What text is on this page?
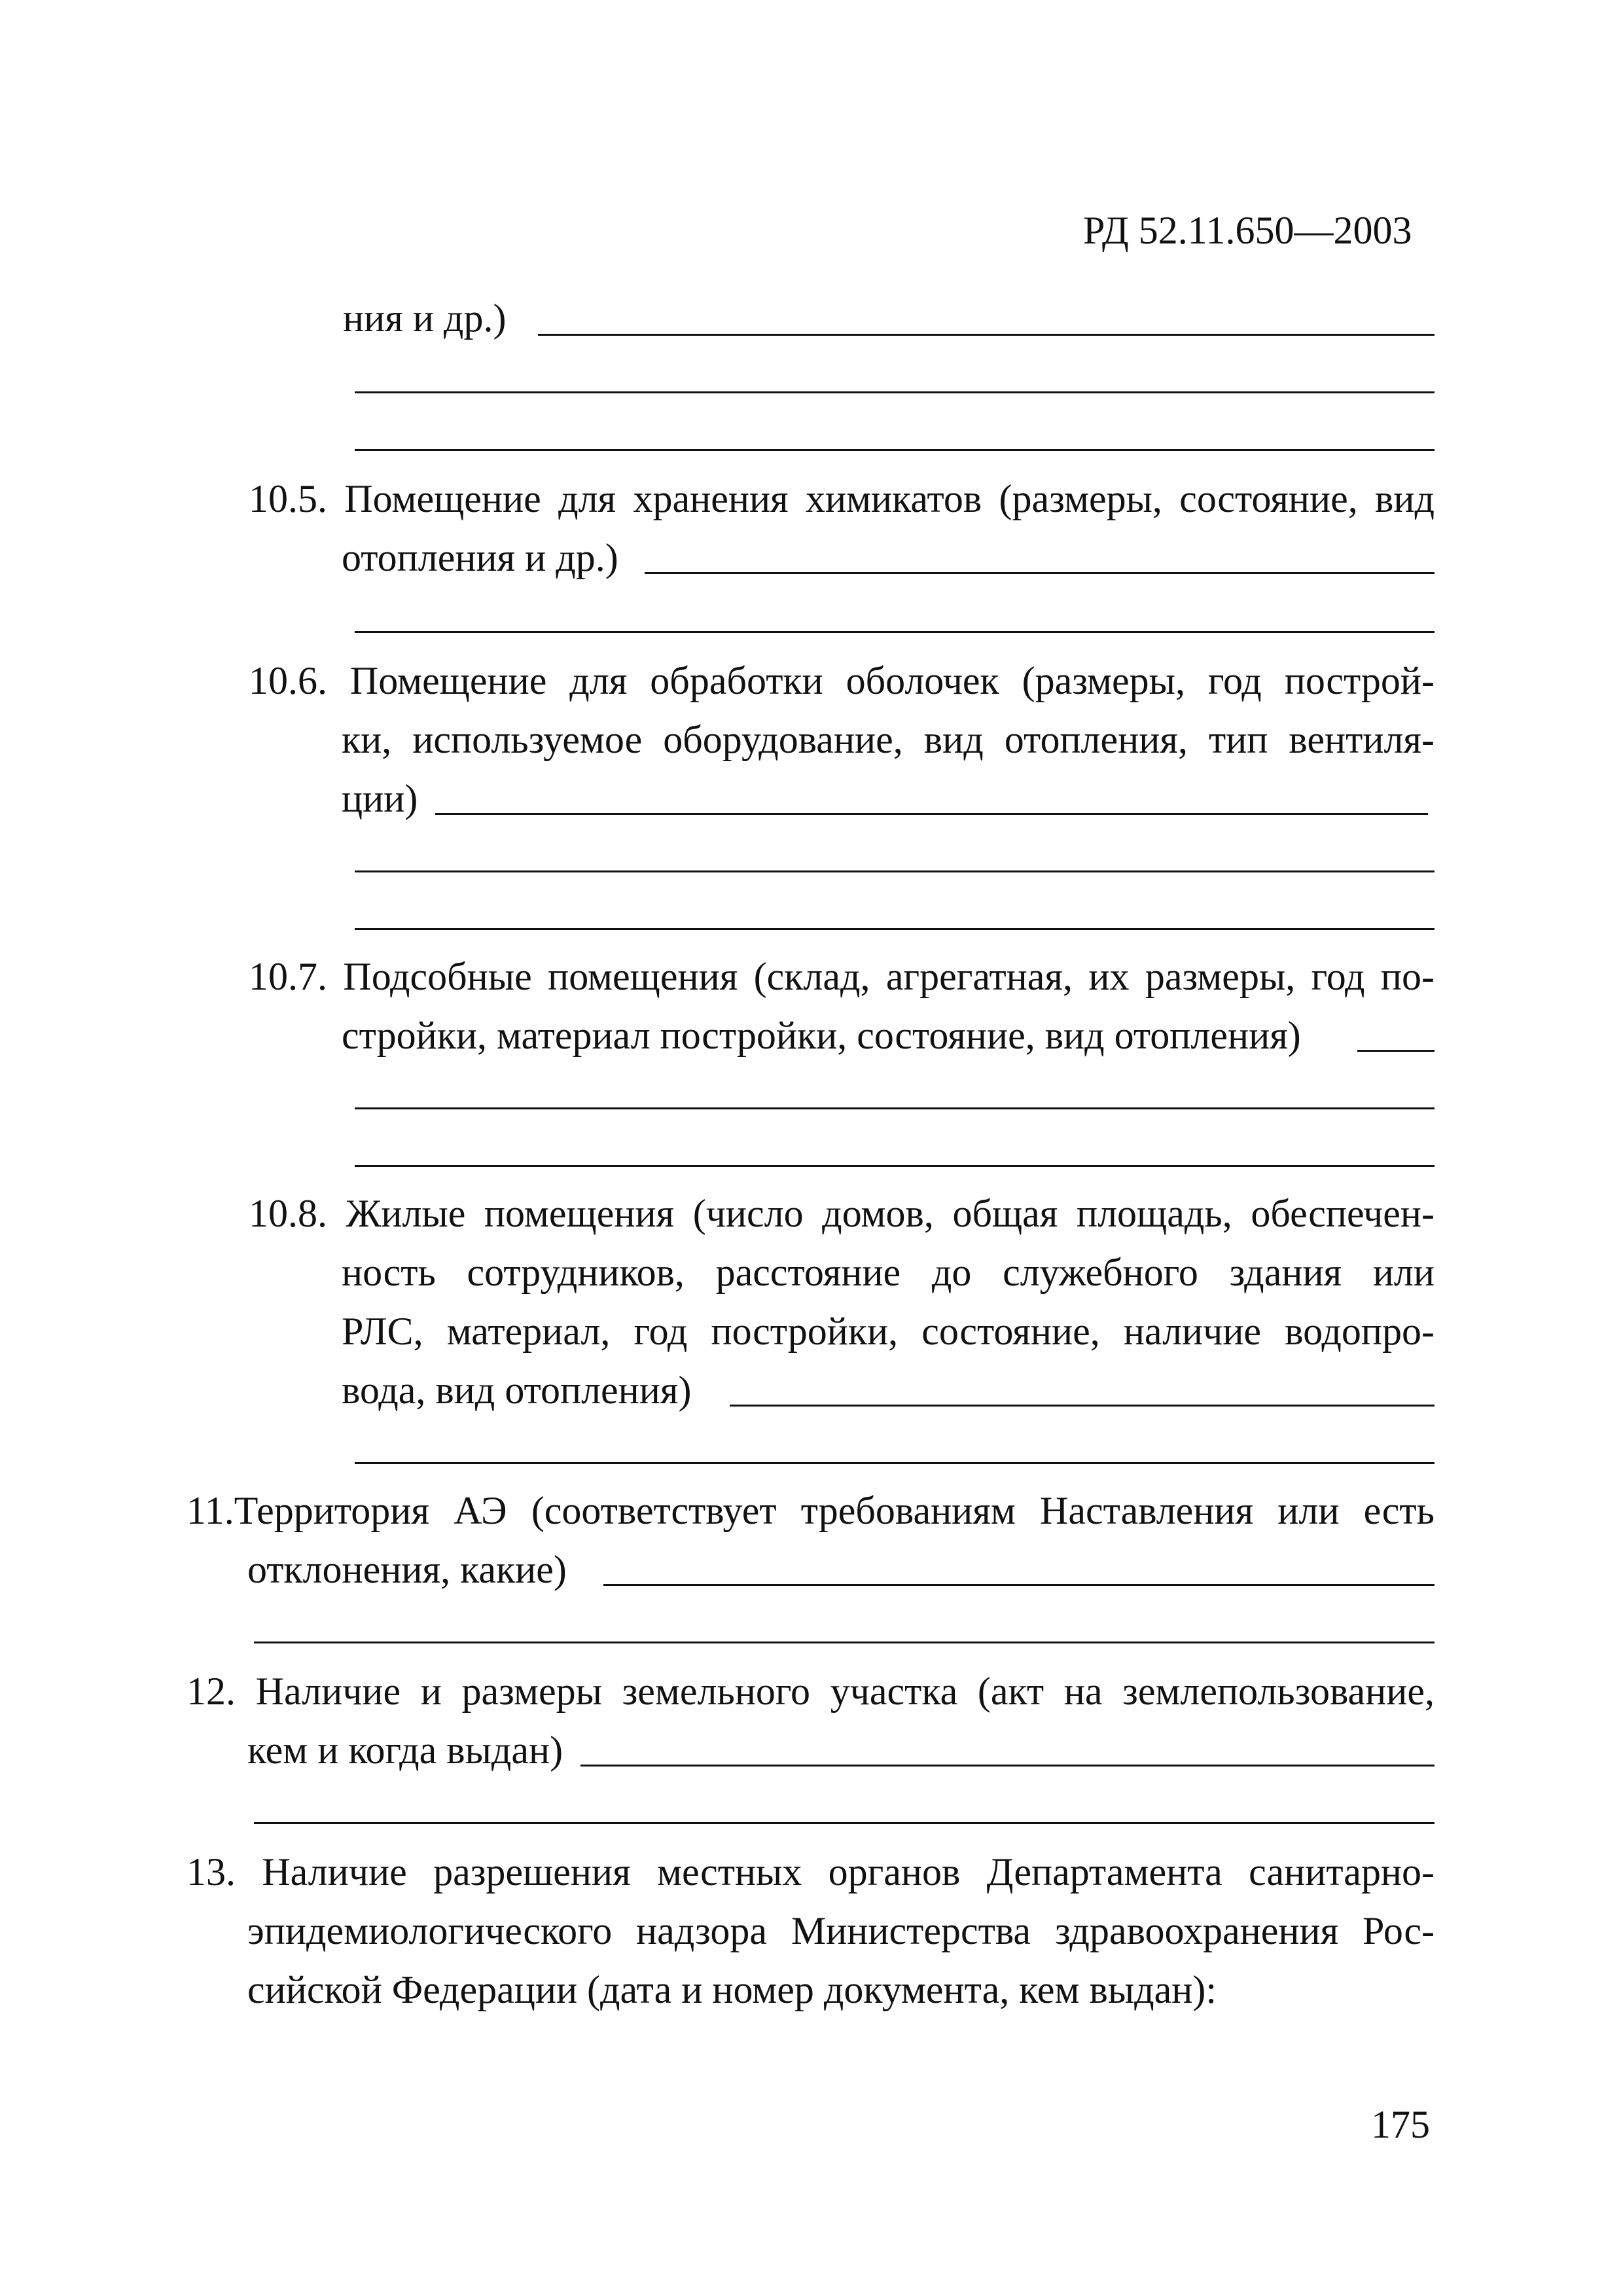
РД 52.11.650—2003
ния и др.)
10.5. Помещение для хранения химикатов (размеры, состояние, вид
отопления и др.)
10.6. Помещение для обработки оболочек (размеры, год построй-
ки, используемое оборудование, вид отопления, тип вентиля-
ции)
10.7. Подсобные помещения (склад, агрегатная, их размеры, год по-
стройки, материал постройки, состояние, вид отопления)
10.8. Жилые помещения (число домов, общая площадь, обеспечен-
ность сотрудников, расстояние до служебного здания или
РЛС, материал, год постройки, состояние, наличие водопро-
вода, вид отопления)
11.Территория АЭ (соответствует требованиям Наставления или есть
отклонения, какие)
12. Наличие и размеры земельного участка (акт на землепользование,
кем и когда выдан)
13. Наличие разрешения местных органов Департамента санитарно-
эпидемиологического надзора Министерства здравоохранения Рос-
сийской Федерации (дата и номер документа, кем выдан):
175
